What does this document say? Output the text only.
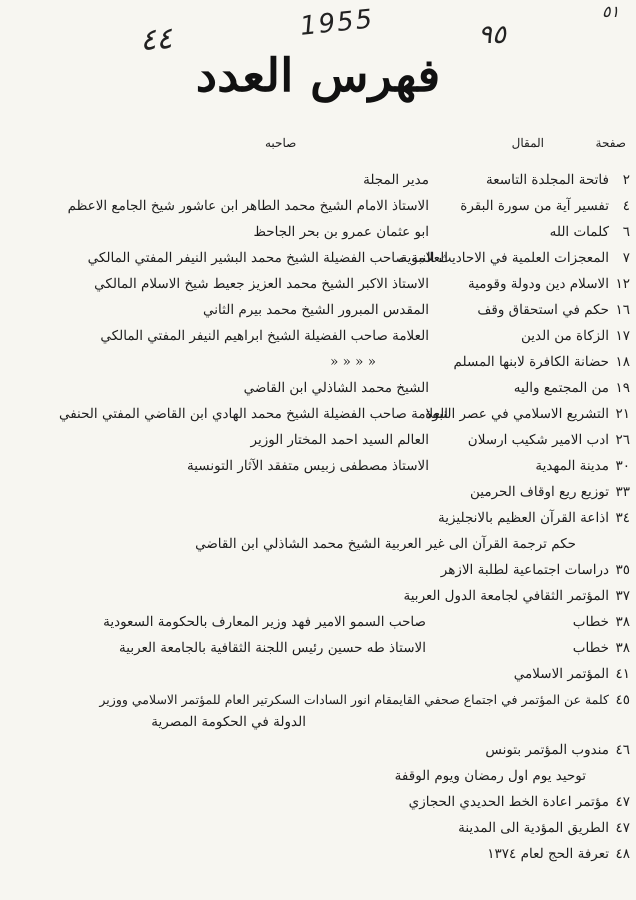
1955
٤٤	٩٥
٥١
فهرس العدد
صفحة
المقال
صاحبه
٢
فاتحة المجلدة التاسعة
مدير المجلة
٤
تفسير آية من سورة البقرة
الاستاذ الامام الشيخ محمد الطاهر ابن عاشور شيخ الجامع الاعظم
٦
كلمات الله
ابو عثمان عمرو بن بحر الجاحظ
٧
المعجزات العلمية في الاحاديث النبوية
العلامة صاحب الفضيلة الشيخ محمد البشير النيفر المفتي المالكي
١٢
الاسلام دين ودولة وقومية
الاستاذ الاكبر الشيخ محمد العزيز جعيط شيخ الاسلام المالكي
١٦
حكم في استحقاق وقف
المقدس المبرور الشيخ محمد بيرم الثاني
١٧
الزكاة من الدين
العلامة صاحب الفضيلة الشيخ ابراهيم النيفر المفتي المالكي
١٨
حضانة الكافرة لابنها المسلم
« « « «
١٩
من المجتمع واليه
الشيخ محمد الشاذلي ابن القاضي
٢١
التشريع الاسلامي في عصر النبوة
العلامة صاحب الفضيلة الشيخ محمد الهادي ابن القاضي المفتي الحنفي
٢٦
ادب الامير شكيب ارسلان
العالم السيد احمد المختار الوزير
٣٠
مدينة المهدية
الاستاذ مصطفى زبيس متفقد الآثار التونسية
٣٣
توزيع ريع اوقاف الحرمين
٣٤
اذاعة القرآن العظيم بالانجليزية
حكم ترجمة القرآن الى غير العربية الشيخ محمد الشاذلي ابن القاضي
٣٥
دراسات اجتماعية لطلبة الازهر
٣٧
المؤتمر الثقافي لجامعة الدول العربية
٣٨
خطاب
صاحب السمو الامير فهد وزير المعارف بالحكومة السعودية
٣٨
خطاب
الاستاذ طه حسين رئيس اللجنة الثقافية بالجامعة العربية
٤١
المؤتمر الاسلامي
٤٥
كلمة عن المؤتمر في اجتماع صحفي القايمقام انور السادات السكرتير العام للمؤتمر الاسلامي ووزير
الدولة في الحكومة المصرية
٤٦
مندوب المؤتمر بتونس
توحيد يوم اول رمضان ويوم الوقفة
٤٧
مؤتمر اعادة الخط الحديدي الحجازي
٤٧
الطريق المؤدية الى المدينة
٤٨
تعرفة الحج لعام ١٣٧٤
